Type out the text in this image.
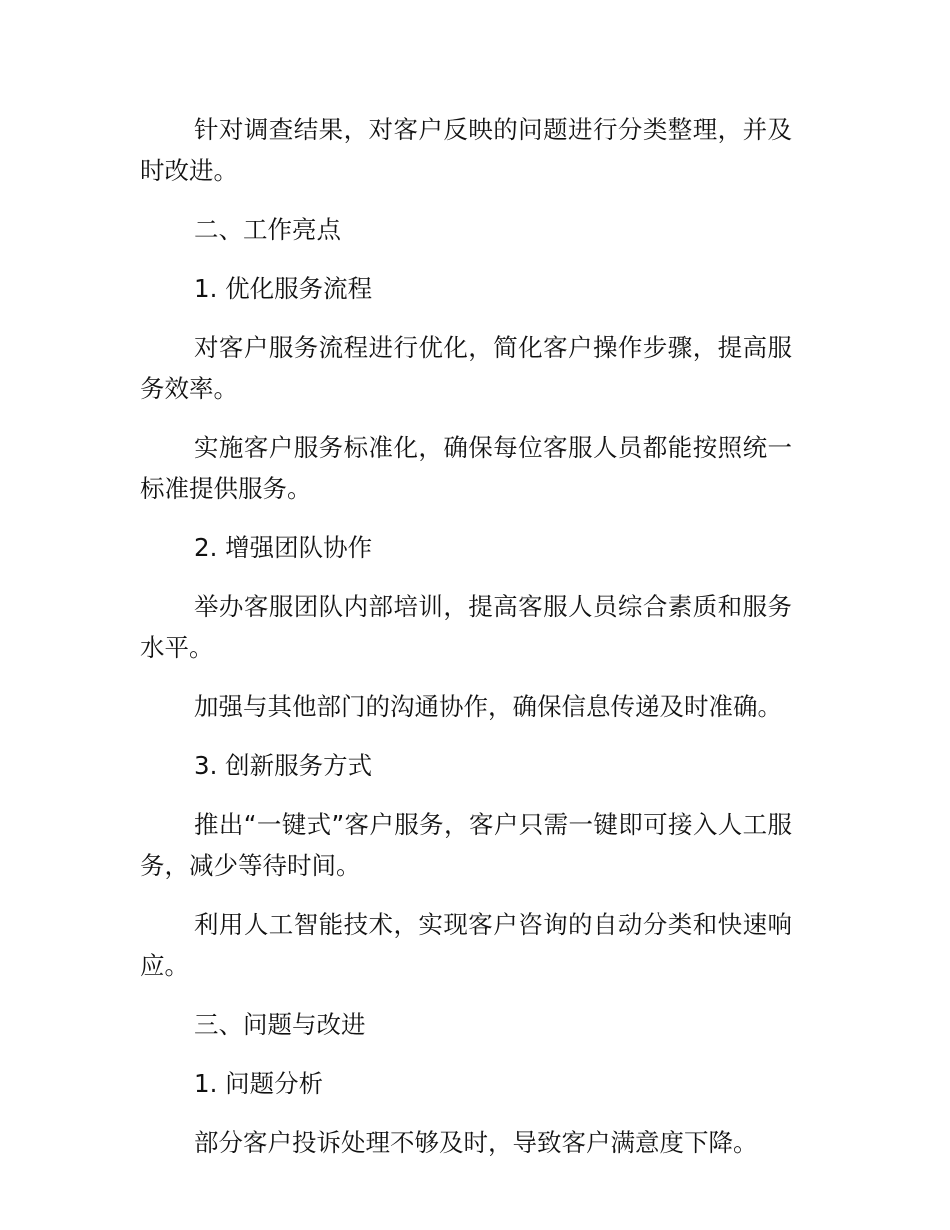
针对调查结果，对客户反映的问题进行分类整理，并及时改进。

二、工作亮点

1. 优化服务流程

对客户服务流程进行优化，简化客户操作步骤，提高服务效率。

实施客户服务标准化，确保每位客服人员都能按照统一标准提供服务。

2. 增强团队协作

举办客服团队内部培训，提高客服人员综合素质和服务水平。

加强与其他部门的沟通协作，确保信息传递及时准确。

3. 创新服务方式

推出“一键式”客户服务，客户只需一键即可接入人工服务，减少等待时间。

利用人工智能技术，实现客户咨询的自动分类和快速响应。

三、问题与改进

1. 问题分析

部分客户投诉处理不够及时，导致客户满意度下降。
